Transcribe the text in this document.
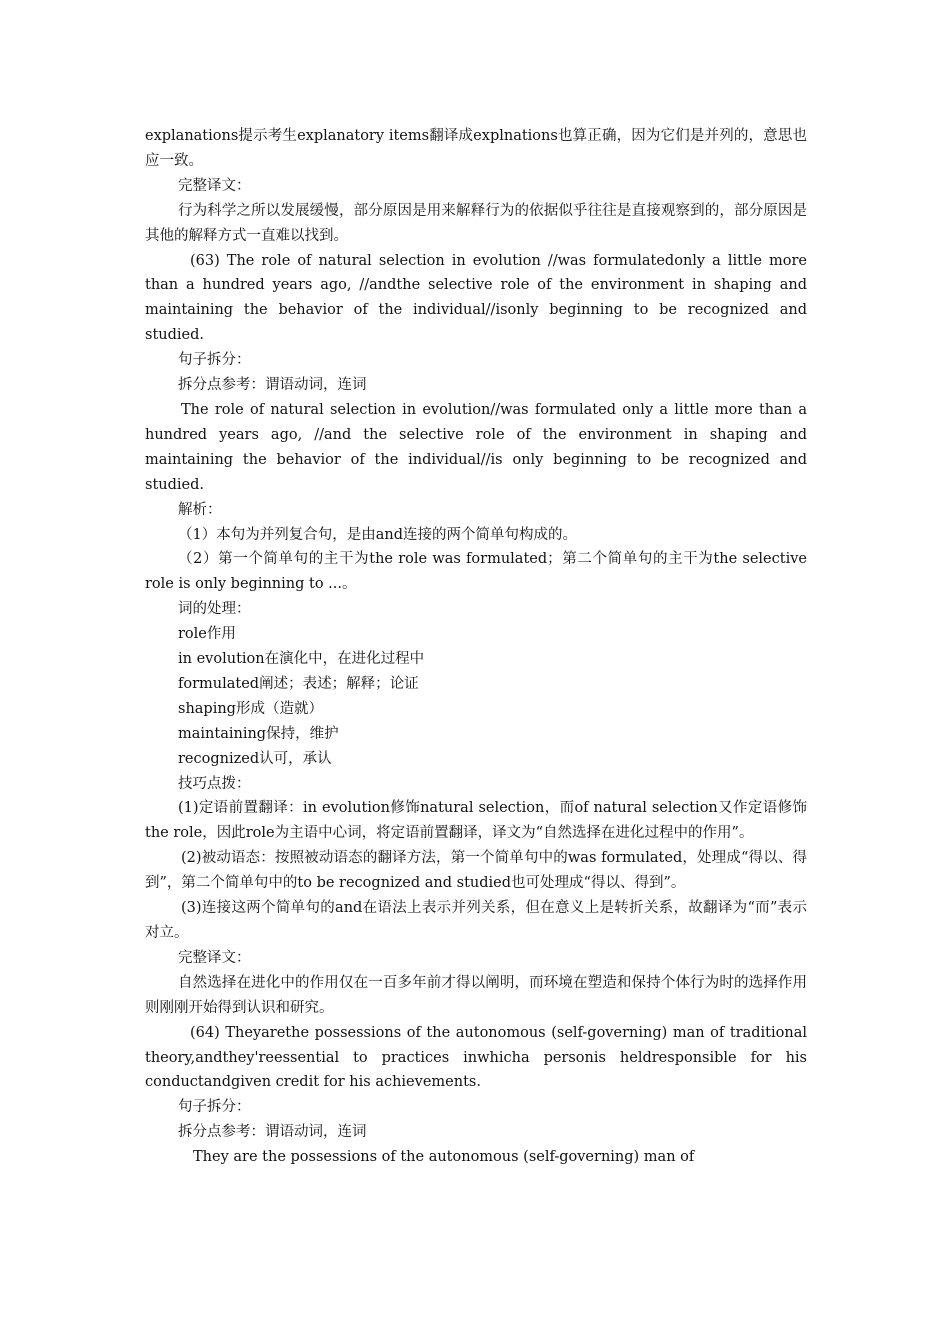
explanations提示考生explanatory items翻译成explnations也算正确，因为它们是并列的，意思也应一致。

完整译文：

行为科学之所以发展缓慢，部分原因是用来解释行为的依据似乎往往是直接观察到的，部分原因是其他的解释方式一直难以找到。

(63) The role of natural selection in evolution //was formulatedonly a little more than a hundred years ago, //andthe selective role of the environment in shaping and maintaining the behavior of the individual//isonly beginning to be recognized and studied.

句子拆分：

拆分点参考：谓语动词，连词

The role of natural selection in evolution//was formulated only a little more than a hundred years ago, //and the selective role of the environment in shaping and maintaining the behavior of the individual//is only beginning to be recognized and studied.

解析：

（1）本句为并列复合句，是由and连接的两个简单句构成的。

（2）第一个简单句的主干为the role was formulated；第二个简单句的主干为the selective role is only beginning to ...。

词的处理：

role作用

in evolution在演化中，在进化过程中

formulated阐述；表述；解释；论证

shaping形成（造就）

maintaining保持，维护

recognized认可，承认

技巧点拨：

(1)定语前置翻译：in evolution修饰natural selection，而of natural selection又作定语修饰the role，因此role为主语中心词，将定语前置翻译，译文为“自然选择在进化过程中的作用”。

(2)被动语态：按照被动语态的翻译方法，第一个简单句中的was formulated，处理成“得以、得到”，第二个简单句中的to be recognized and studied也可处理成“得以、得到”。

(3)连接这两个简单句的and在语法上表示并列关系，但在意义上是转折关系，故翻译为“而”表示对立。

完整译文：

自然选择在进化中的作用仅在一百多年前才得以阐明，而环境在塑造和保持个体行为时的选择作用则刚刚开始得到认识和研究。

(64) Theyarethe possessions of the autonomous (self-governing) man of traditional theory,andthey'reessential to practices inwhicha personis heldresponsible for his conductandgiven credit for his achievements.

句子拆分：

拆分点参考：谓语动词，连词

They are the possessions of the autonomous (self-governing) man of
